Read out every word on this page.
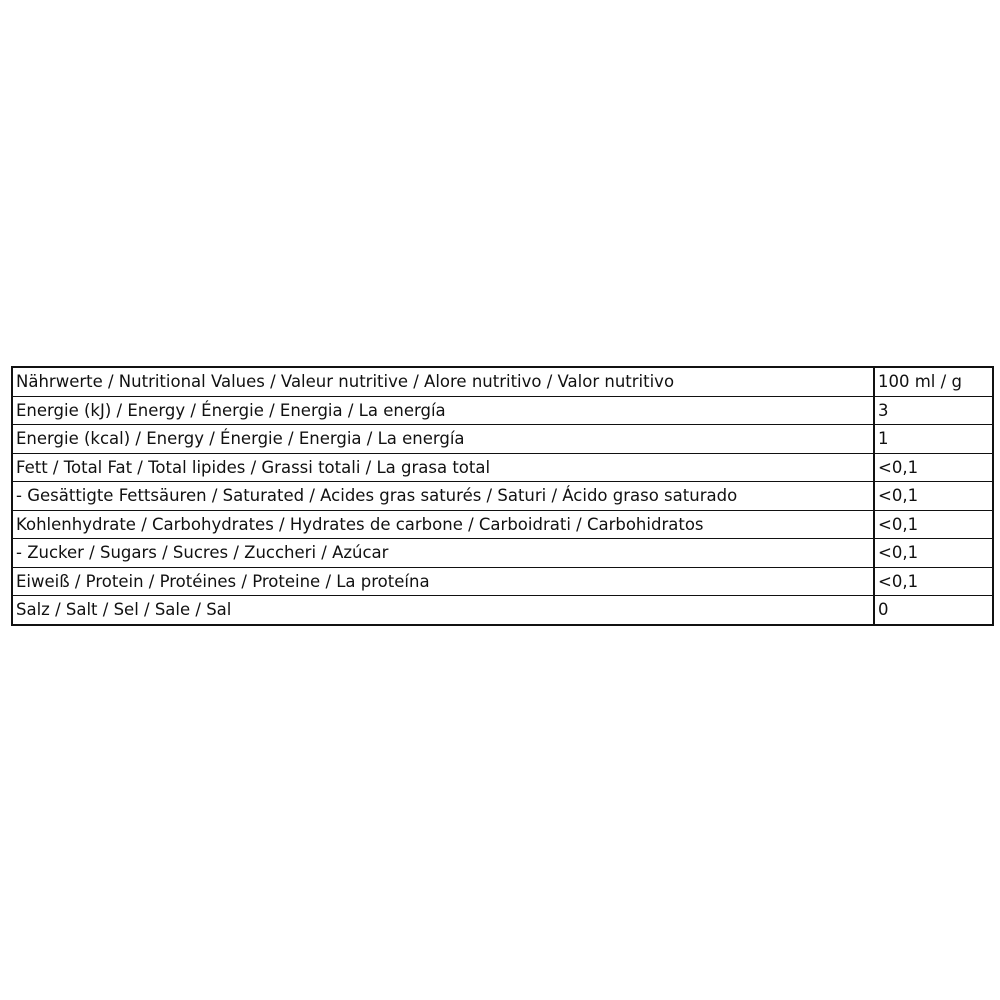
Nährwerte / Nutritional Values / Valeur nutritive / Alore nutritivo / Valor nutritivo	100 ml / g
Energie (kJ) / Energy / Énergie / Energia / La energía	3
Energie (kcal) / Energy / Énergie / Energia / La energía	1
Fett / Total Fat / Total lipides / Grassi totali / La grasa total	<0,1
- Gesättigte Fettsäuren / Saturated / Acides gras saturés / Saturi / Ácido graso saturado	<0,1
Kohlenhydrate / Carbohydrates / Hydrates de carbone / Carboidrati / Carbohidratos	<0,1
- Zucker / Sugars / Sucres / Zuccheri / Azúcar	<0,1
Eiweiß / Protein / Protéines / Proteine / La proteína	<0,1
Salz / Salt / Sel / Sale / Sal	0
